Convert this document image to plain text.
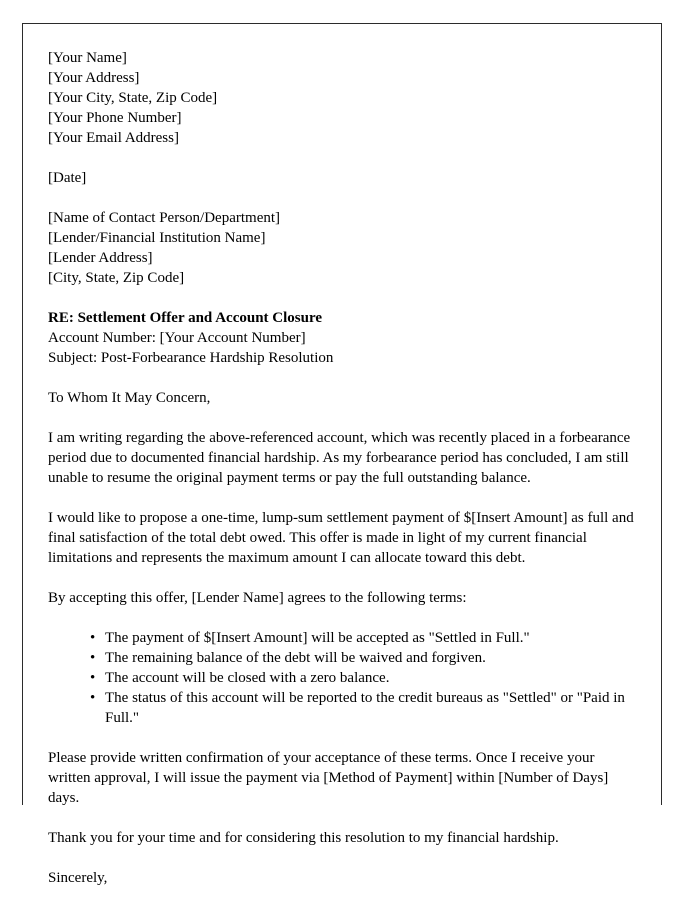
[Your Name]

[Your Address]

[Your City, State, Zip Code]

[Your Phone Number]

[Your Email Address]

[Date]

[Name of Contact Person/Department]

[Lender/Financial Institution Name]

[Lender Address]

[City, State, Zip Code]

RE: Settlement Offer and Account Closure

Account Number: [Your Account Number]

Subject: Post-Forbearance Hardship Resolution

To Whom It May Concern,

I am writing regarding the above-referenced account, which was recently placed in a forbearance period due to documented financial hardship. As my forbearance period has concluded, I am still unable to resume the original payment terms or pay the full outstanding balance.

I would like to propose a one-time, lump-sum settlement payment of $[Insert Amount] as full and final satisfaction of the total debt owed. This offer is made in light of my current financial limitations and represents the maximum amount I can allocate toward this debt.

By accepting this offer, [Lender Name] agrees to the following terms:

• The payment of $[Insert Amount] will be accepted as "Settled in Full."
• The remaining balance of the debt will be waived and forgiven.
• The account will be closed with a zero balance.
• The status of this account will be reported to the credit bureaus as "Settled" or "Paid in Full."

Please provide written confirmation of your acceptance of these terms. Once I receive your written approval, I will issue the payment via [Method of Payment] within [Number of Days] days.

Thank you for your time and for considering this resolution to my financial hardship.

Sincerely,
